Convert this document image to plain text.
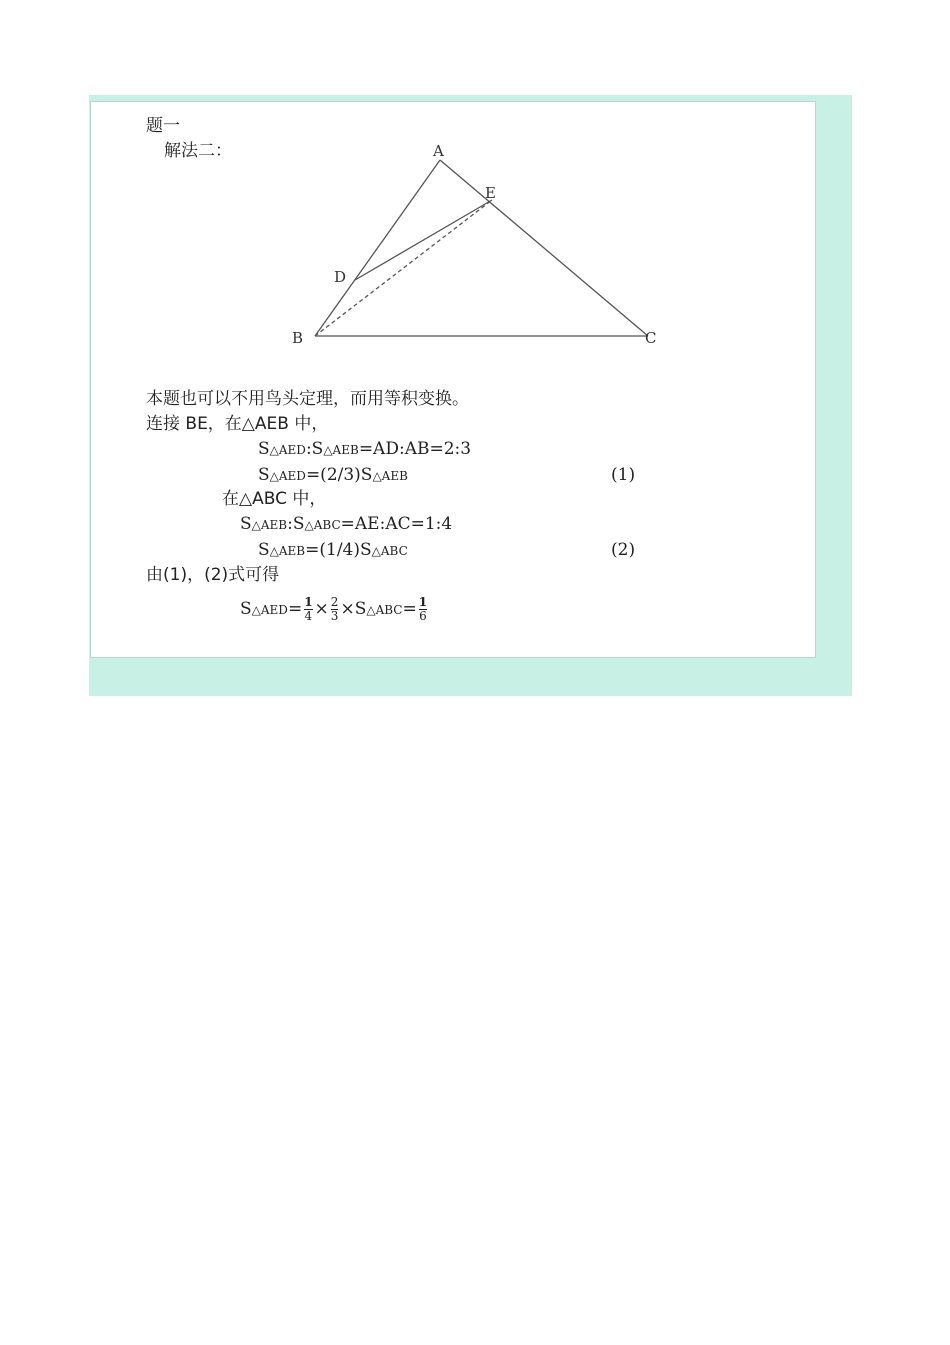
题一
解法二：	A
E
D
B	C
本题也可以不用鸟头定理，而用等积变换。
连接 BE，在△AEB 中，
S△AED:S△AEB=AD:AB=2:3
S△AED=(2/3)S△AEB	(1)
在△ABC 中，
S△AEB:S△ABC=AE:AC=1:4
S△AEB=(1/4)S△ABC	(2)
由(1)，(2)式可得
S△AED= $\frac{1}{4} \times \frac{2}{3}$ ×S△ABC= $\frac{1}{6}$
